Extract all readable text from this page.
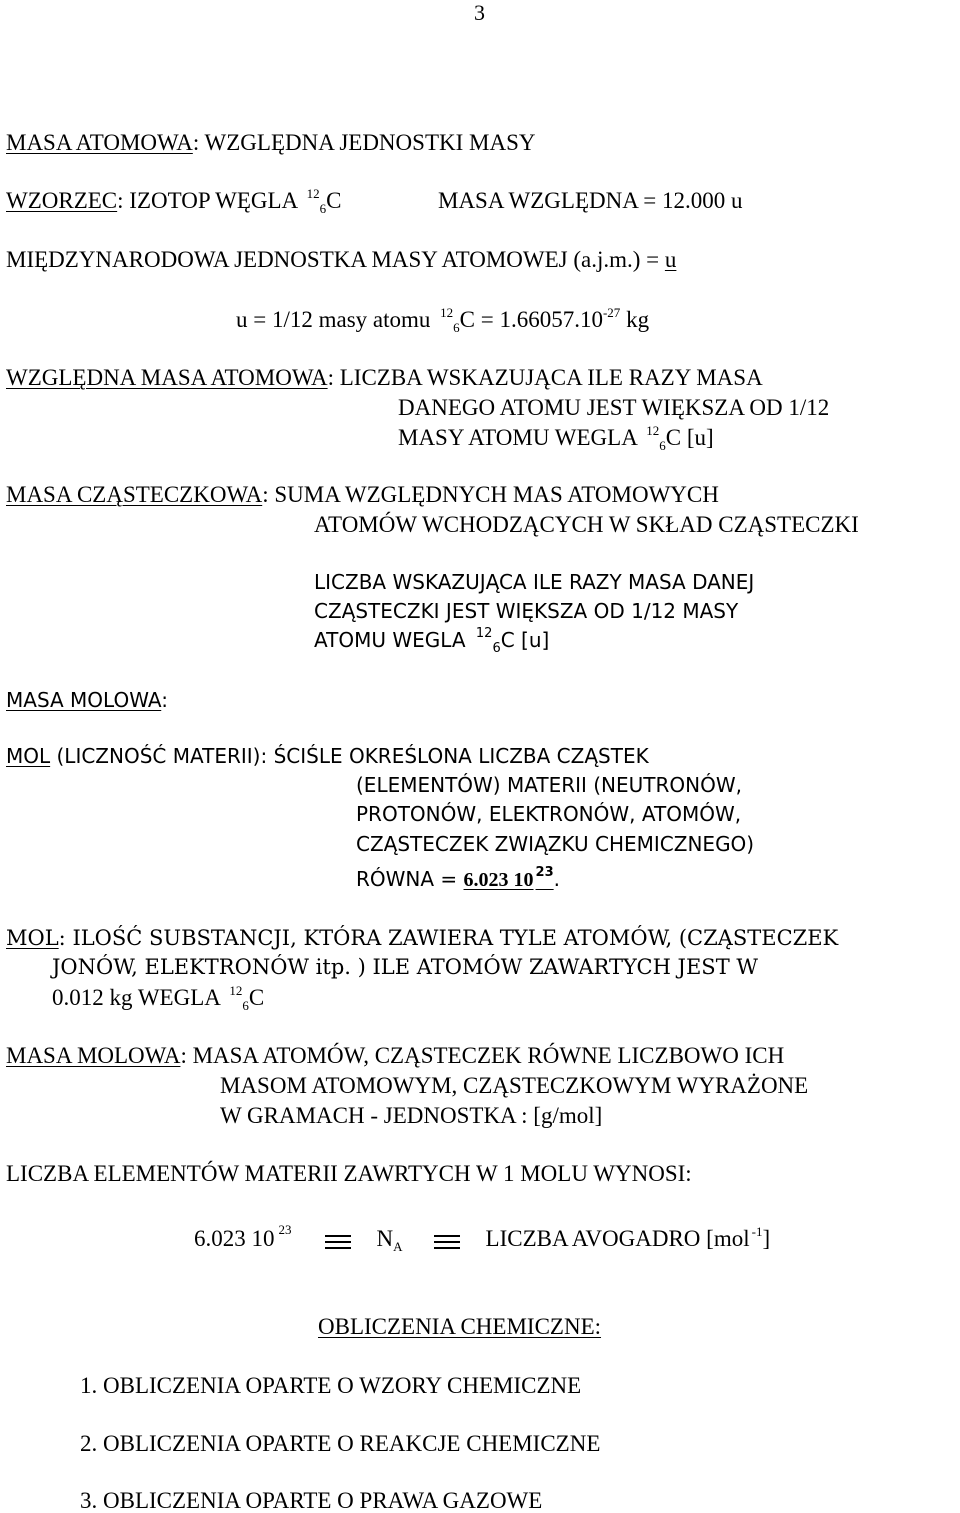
3
MASA ATOMOWA: WZGLĘDNA JEDNOSTKI MASY
WZORZEC: IZOTOP WĘGLA $^{12}_6$C	MASA WZGLĘDNA = 12.000 u
MIĘDZYNARODOWA JEDNOSTKA MASY ATOMOWEJ (a.j.m.) = u
u = 1/12 masy atomu $^{12}_6C = 1.66057.10^{-27}$ kg
WZGLĘDNA MASA ATOMOWA: LICZBA WSKAZUJĄCA ILE RAZY MASA
DANEGO ATOMU JEST WIĘKSZA OD 1/12
MASY ATOMU WEGLA $^{12}_6$C [u]
MASA CZĄSTECZKOWA: SUMA WZGLĘDNYCH MAS ATOMOWYCH
ATOMÓW WCHODZĄCYCH W SKŁAD CZĄSTECZKI
LICZBA WSKAZUJĄCA ILE RAZY MASA DANEJ
CZĄSTECZKI JEST WIĘKSZA OD 1/12 MASY
ATOMU WEGLA $^{12}_6$C [u]
MASA MOLOWA:
MOL (LICZNOŚĆ MATERII): ŚCIŚLE OKREŚLONA LICZBA CZĄSTEK
(ELEMENTÓW) MATERII (NEUTRONÓW,
PROTONÓW, ELEKTRONÓW, ATOMÓW,
CZĄSTECZEK ZWIĄZKU CHEMICZNEGO)
RÓWNA = 6.023 10 $^{23}$.
MOL: ILOŚĆ SUBSTANCJI, KTÓRA ZAWIERA TYLE ATOMÓW, (CZĄSTECZEK
JONÓW, ELEKTRONÓW itp. ) ILE ATOMÓW ZAWARTYCH JEST W
0.012 kg WEGLA $^{12}_6$C
MASA MOLOWA: MASA ATOMÓW, CZĄSTECZEK RÓWNE LICZBOWO ICH
MASOM ATOMOWYM, CZĄSTECZKOWYM WYRAŻONE
W GRAMACH - JEDNOSTKA : [g/mol]
LICZBA ELEMENTÓW MATERII ZAWRTYCH W 1 MOLU WYNOSI:
6.023 10 $^{23}$	$N_A$	LICZBA AVOGADRO [mol $^{-1}$]
OBLICZENIA CHEMICZNE:
1. OBLICZENIA OPARTE O WZORY CHEMICZNE
2. OBLICZENIA OPARTE O REAKCJE CHEMICZNE
3. OBLICZENIA OPARTE O PRAWA GAZOWE
